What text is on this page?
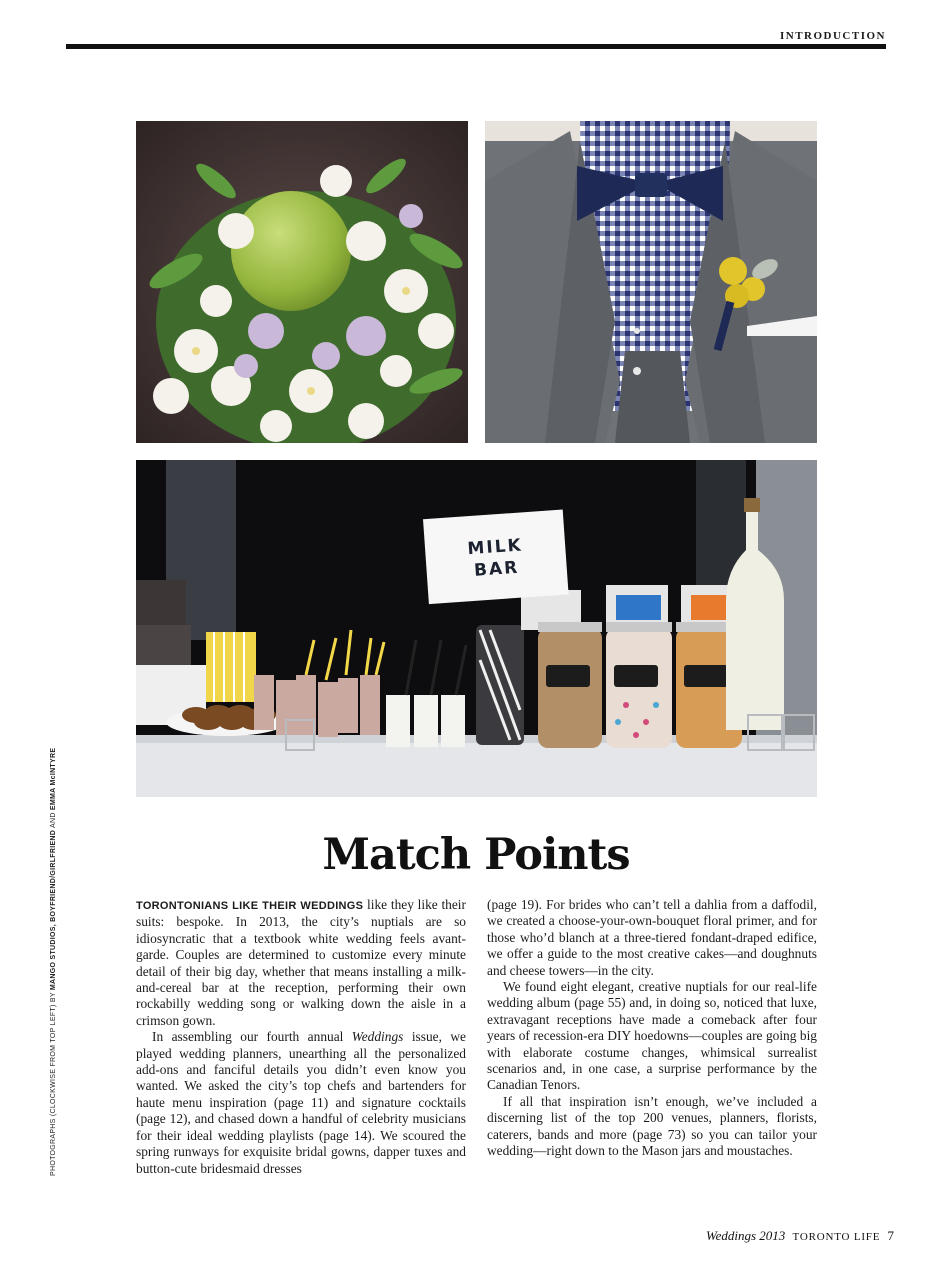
INTRODUCTION
MILK
BAR
PHOTOGRAPHS (CLOCKWISE FROM TOP LEFT) BY MANGO STUDIOS, BOYFRIEND/GIRLFRIEND AND EMMA McINTYRE
Match Points

TORONTONIANS LIKE THEIR WEDDINGS like they like their suits: bespoke. In 2013, the city’s nuptials are so idiosyncratic that a textbook white wedding feels avant-garde. Couples are determined to customize every minute detail of their big day, whether that means installing a milk-and-cereal bar at the reception, performing their own rockabilly wedding song or walking down the aisle in a crimson gown.

In assembling our fourth annual Weddings issue, we played wedding planners, unearthing all the personalized add-ons and fanciful details you didn’t even know you wanted. We asked the city’s top chefs and bartenders for haute menu inspiration (page 11) and signature cocktails (page 12), and chased down a handful of celebrity musicians for their ideal wedding playlists (page 14). We scoured the spring runways for exquisite bridal gowns, dapper tuxes and button-cute bridesmaid dresses

(page 19). For brides who can’t tell a dahlia from a daffodil, we created a choose-your-own-bouquet floral primer, and for those who’d blanch at a three-tiered fondant-draped edifice, we offer a guide to the most creative cakes—and doughnuts and cheese towers—in the city.

We found eight elegant, creative nuptials for our real-life wedding album (page 55) and, in doing so, noticed that luxe, extravagant receptions have made a comeback after four years of recession-era DIY hoedowns—couples are going big with elaborate costume changes, whimsical surrealist scenarios and, in one case, a surprise performance by the Canadian Tenors.

If all that inspiration isn’t enough, we’ve included a discerning list of the top 200 venues, planners, florists, caterers, bands and more (page 73) so you can tailor your wedding—right down to the Mason jars and moustaches.

Weddings 2013 TORONTO LIFE 7
